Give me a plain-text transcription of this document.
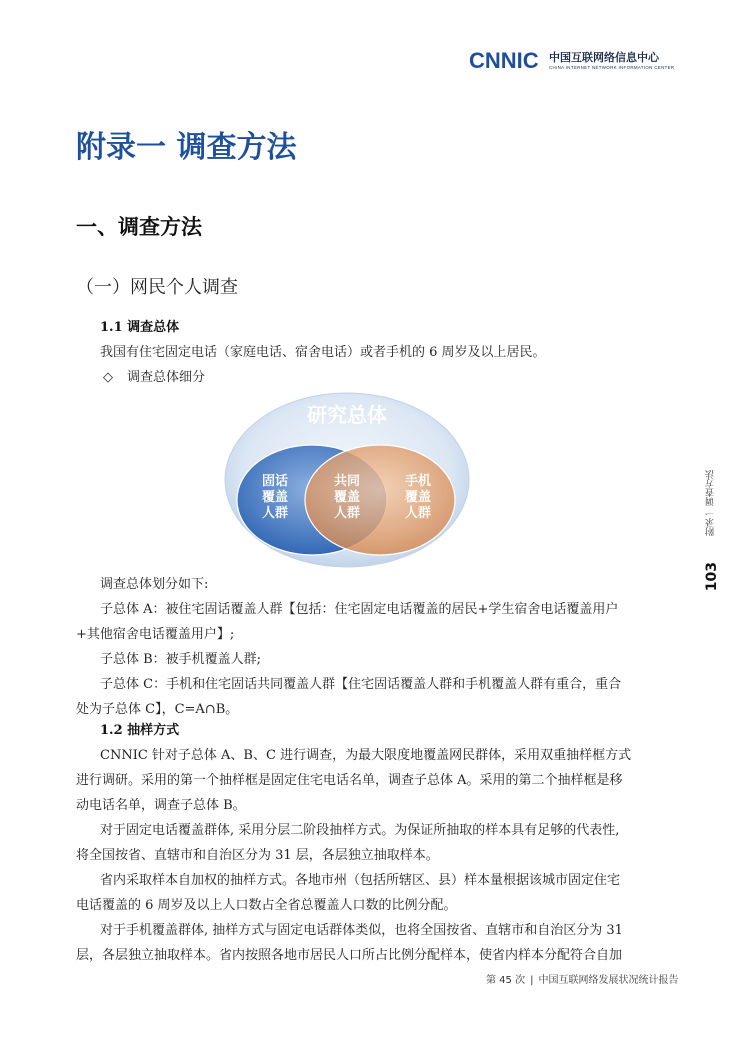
CNNIC 中国互联网络信息中心
CHINA INTERNET NETWORK INFORMATION CENTER
附录一 调查方法
一、调查方法
（一）网民个人调查
1.1 调查总体
我国有住宅固定电话（家庭电话、宿舍电话）或者手机的 6 周岁及以上居民。
◇ 调查总体细分
研究总体
固话
覆盖
人群
共同
覆盖
人群
手机
覆盖
人群
调查总体划分如下:
子总体 A：被住宅固话覆盖人群【包括：住宅固定电话覆盖的居民+学生宿舍电话覆盖用户
+其他宿舍电话覆盖用户】;
子总体 B：被手机覆盖人群;
子总体 C：手机和住宅固话共同覆盖人群【住宅固话覆盖人群和手机覆盖人群有重合，重合
处为子总体 C】，C=A∩B。
1.2 抽样方式
CNNIC 针对子总体 A、B、C 进行调查，为最大限度地覆盖网民群体，采用双重抽样框方式
进行调研。采用的第一个抽样框是固定住宅电话名单，调查子总体 A。采用的第二个抽样框是移
动电话名单，调查子总体 B。
对于固定电话覆盖群体, 采用分层二阶段抽样方式。为保证所抽取的样本具有足够的代表性,
将全国按省、直辖市和自治区分为 31 层，各层独立抽取样本。
省内采取样本自加权的抽样方式。各地市州（包括所辖区、县）样本量根据该城市固定住宅
电话覆盖的 6 周岁及以上人口数占全省总覆盖人口数的比例分配。
对于手机覆盖群体, 抽样方式与固定电话群体类似，也将全国按省、直辖市和自治区分为 31
层，各层独立抽取样本。省内按照各地市居民人口所占比例分配样本，使省内样本分配符合自加
附录一 调查方法
103
第 45 次 | 中国互联网络发展状况统计报告
